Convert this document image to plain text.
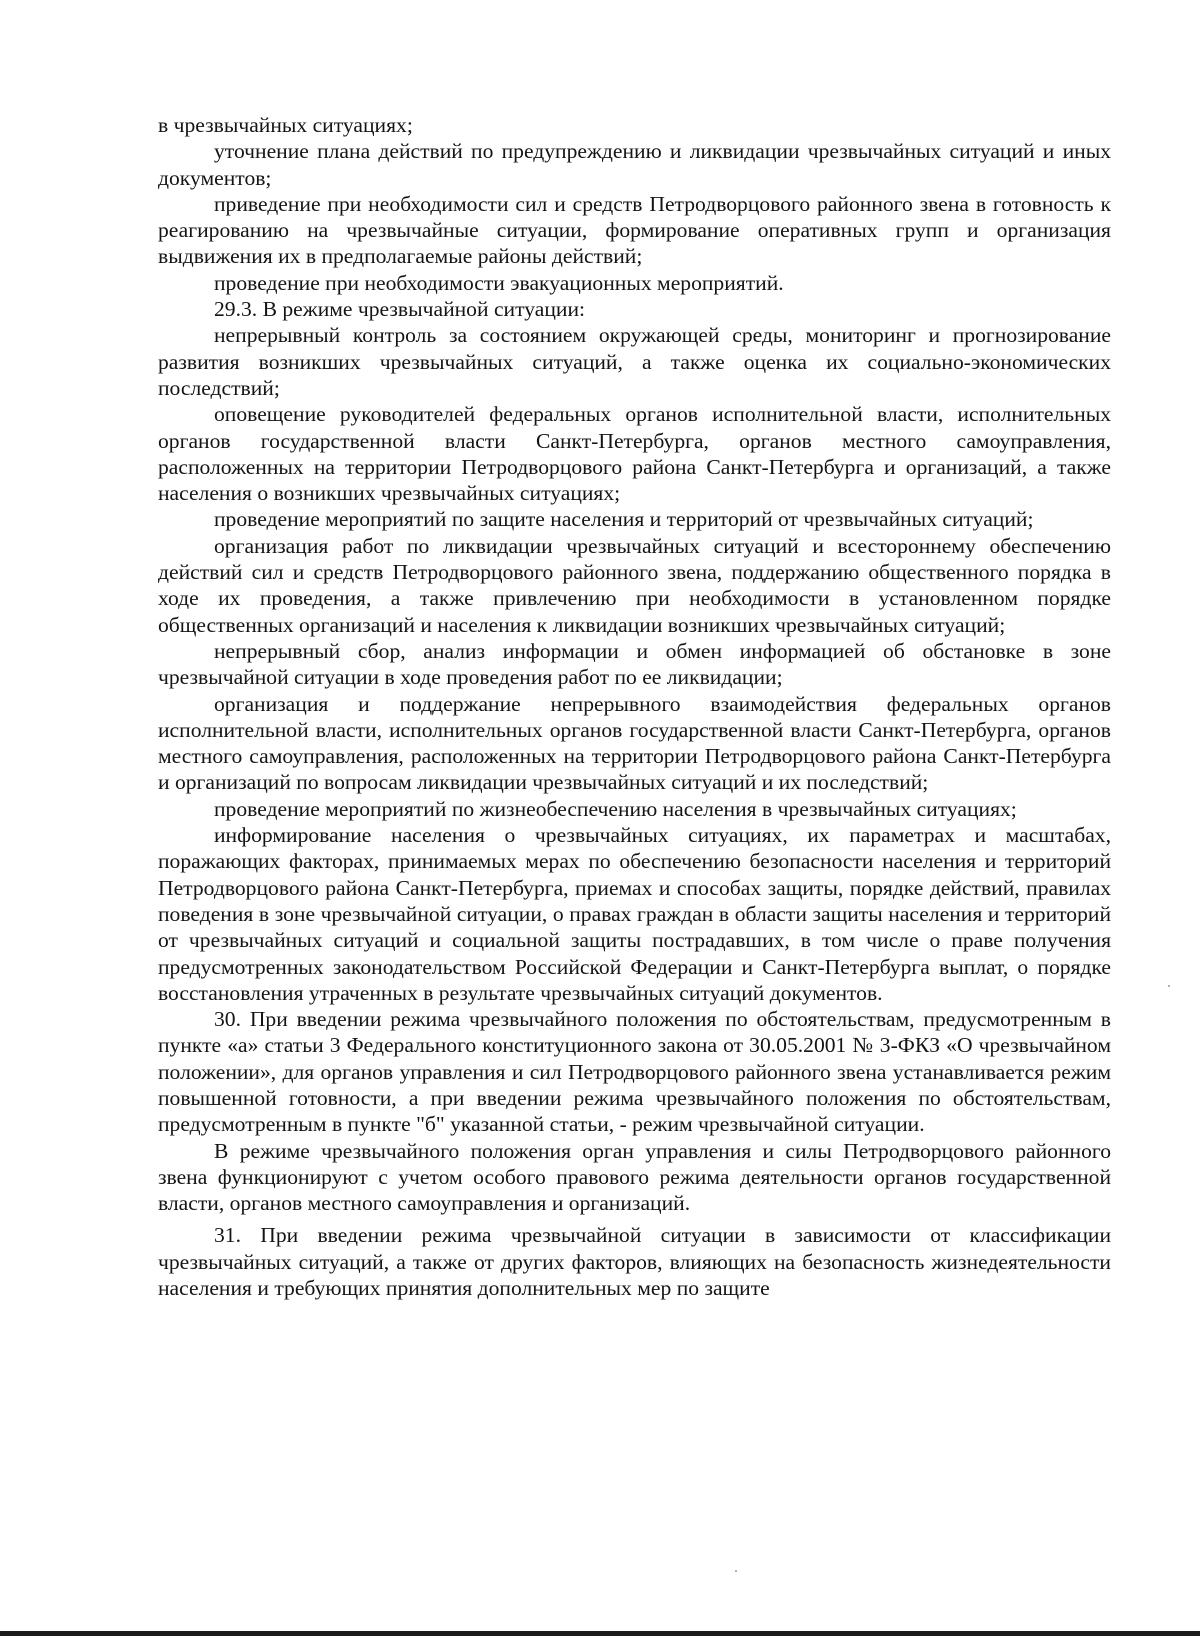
в чрезвычайных ситуациях;

уточнение плана действий по предупреждению и ликвидации чрезвычайных ситуаций и иных документов;

приведение при необходимости сил и средств Петродворцового районного звена в готовность к реагированию на чрезвычайные ситуации, формирование оперативных групп и организация выдвижения их в предполагаемые районы действий;

проведение при необходимости эвакуационных мероприятий.

29.3. В режиме чрезвычайной ситуации:

непрерывный контроль за состоянием окружающей среды, мониторинг и прогнозирование развития возникших чрезвычайных ситуаций, а также оценка их социально-экономических последствий;

оповещение руководителей федеральных органов исполнительной власти, исполнительных органов государственной власти Санкт-Петербурга, органов местного самоуправления, расположенных на территории Петродворцового района Санкт-Петербурга и организаций, а также населения о возникших чрезвычайных ситуациях;

проведение мероприятий по защите населения и территорий от чрезвычайных ситуаций;

организация работ по ликвидации чрезвычайных ситуаций и всестороннему обеспечению действий сил и средств Петродворцового районного звена, поддержанию общественного порядка в ходе их проведения, а также привлечению при необходимости в установленном порядке общественных организаций и населения к ликвидации возникших чрезвычайных ситуаций;

непрерывный сбор, анализ информации и обмен информацией об обстановке в зоне чрезвычайной ситуации в ходе проведения работ по ее ликвидации;

организация и поддержание непрерывного взаимодействия федеральных органов исполнительной власти, исполнительных органов государственной власти Санкт-Петербурга, органов местного самоуправления, расположенных на территории Петродворцового района Санкт-Петербурга и организаций по вопросам ликвидации чрезвычайных ситуаций и их последствий;

проведение мероприятий по жизнеобеспечению населения в чрезвычайных ситуациях;

информирование населения о чрезвычайных ситуациях, их параметрах и масштабах, поражающих факторах, принимаемых мерах по обеспечению безопасности населения и территорий Петродворцового района Санкт-Петербурга, приемах и способах защиты, порядке действий, правилах поведения в зоне чрезвычайной ситуации, о правах граждан в области защиты населения и территорий от чрезвычайных ситуаций и социальной защиты пострадавших, в том числе о праве получения предусмотренных законодательством Российской Федерации и Санкт-Петербурга выплат, о порядке восстановления утраченных в результате чрезвычайных ситуаций документов.

30. При введении режима чрезвычайного положения по обстоятельствам, предусмотренным в пункте «а» статьи 3 Федерального конституционного закона от 30.05.2001 № 3-ФКЗ «О чрезвычайном положении», для органов управления и сил Петродворцового районного звена устанавливается режим повышенной готовности, а при введении режима чрезвычайного положения по обстоятельствам, предусмотренным в пункте "б" указанной статьи, - режим чрезвычайной ситуации.

В режиме чрезвычайного положения орган управления и силы Петродворцового районного звена функционируют с учетом особого правового режима деятельности органов государственной власти, органов местного самоуправления и организаций.

31. При введении режима чрезвычайной ситуации в зависимости от классификации чрезвычайных ситуаций, а также от других факторов, влияющих на безопасность жизнедеятельности населения и требующих принятия дополнительных мер по защите
